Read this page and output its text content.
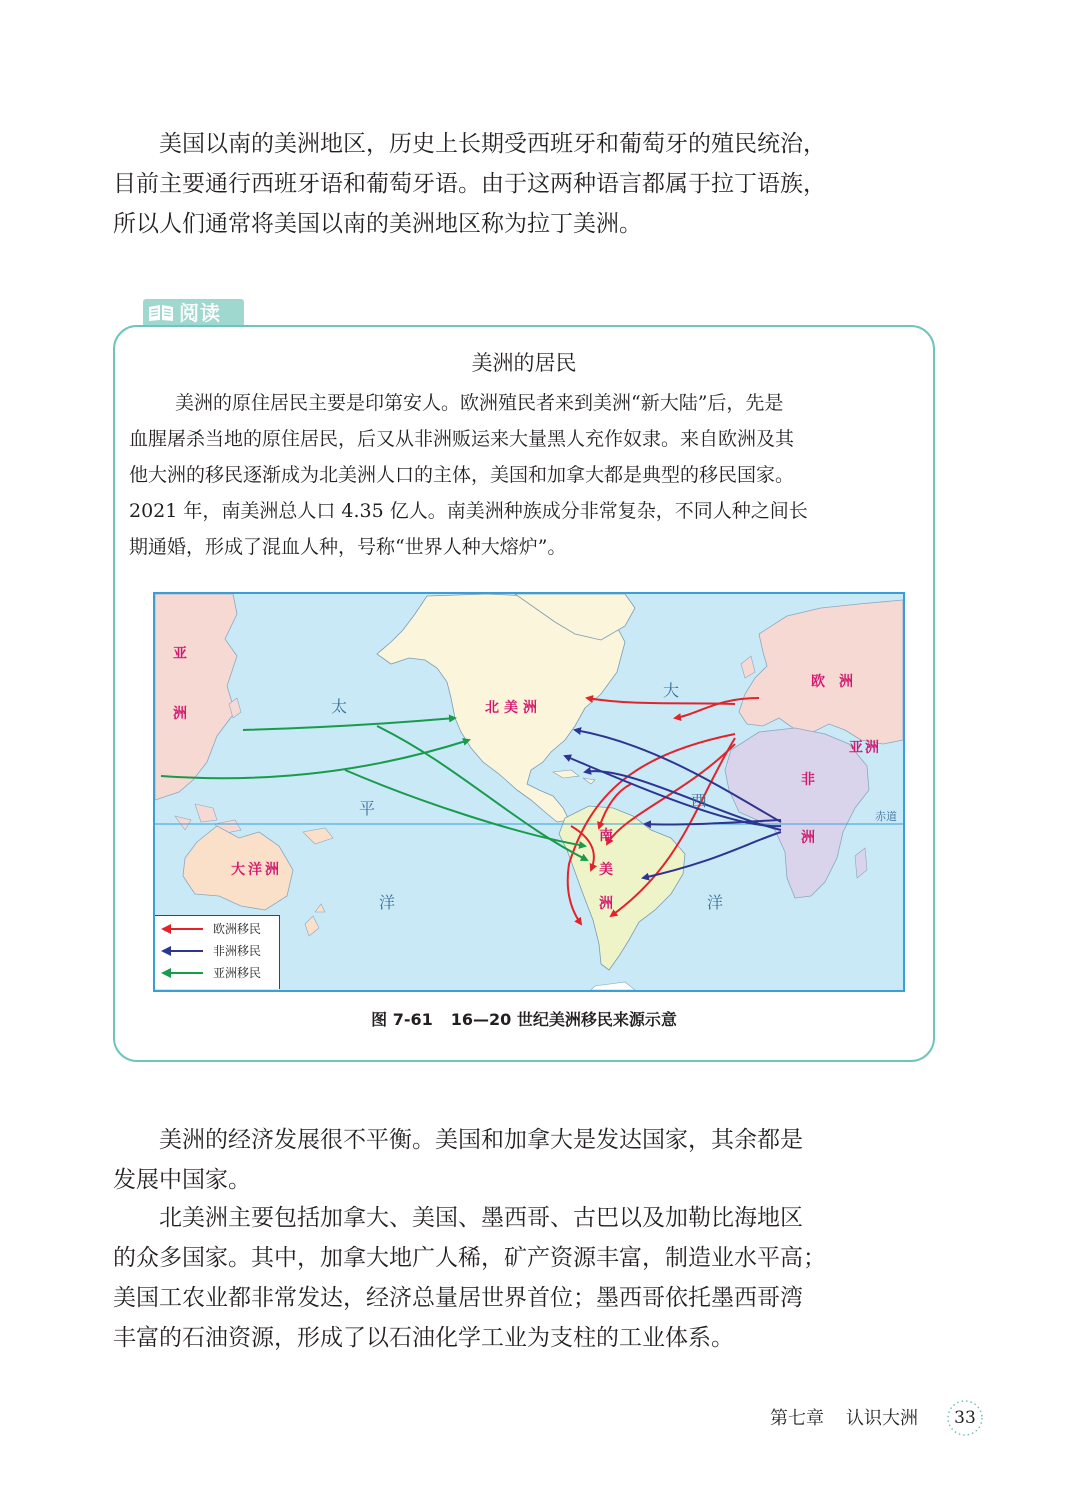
美国以南的美洲地区，历史上长期受西班牙和葡萄牙的殖民统治，
目前主要通行西班牙语和葡萄牙语。由于这两种语言都属于拉丁语族，
所以人们通常将美国以南的美洲地区称为拉丁美洲。

阅读
美洲的居民

美洲的原住居民主要是印第安人。欧洲殖民者来到美洲“新大陆”后，先是
血腥屠杀当地的原住居民，后又从非洲贩运来大量黑人充作奴隶。来自欧洲及其
他大洲的移民逐渐成为北美洲人口的主体，美国和加拿大都是典型的移民国家。
2021 年，南美洲总人口 4.35 亿人。南美洲种族成分非常复杂，不同人种之间长
期通婚，形成了混血人种，号称“世界人种大熔炉”。

赤道
亚
洲	北美洲
欧洲
亚洲
非
洲
南
美
洲
大洋洲
太
平
洋
大
西
洋
欧洲移民
非洲移民
亚洲移民
图 7-61 16—20 世纪美洲移民来源示意

美洲的经济发展很不平衡。美国和加拿大是发达国家，其余都是
发展中国家。

北美洲主要包括加拿大、美国、墨西哥、古巴以及加勒比海地区
的众多国家。其中，加拿大地广人稀，矿产资源丰富，制造业水平高；
美国工农业都非常发达，经济总量居世界首位；墨西哥依托墨西哥湾
丰富的石油资源，形成了以石油化学工业为支柱的工业体系。

第七章 认识大洲	33
